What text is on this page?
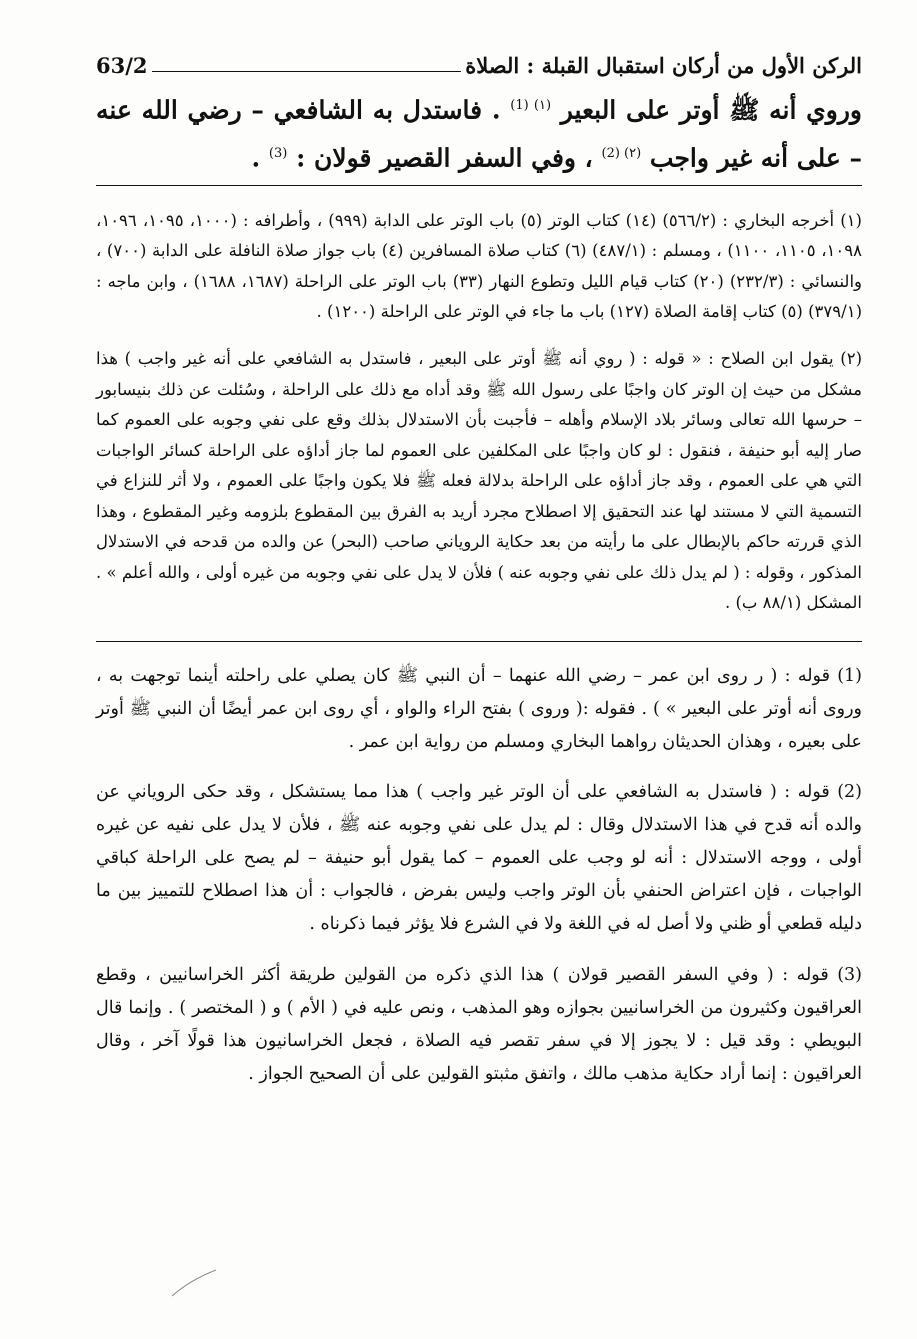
الركن الأول من أركان استقبال القبلة : الصلاة
63/2
وروي أنه ﷺ أوتر على البعير $^{(١) (1)}$ . فاستدل به الشافعي – رضي الله عنه – على أنه غير واجب $^{(٢) (2)}$ ، وفي السفر القصير قولان : $^{(3)}$ .

(١) أخرجه البخاري : (٥٦٦/٢) (١٤) كتاب الوتر (٥) باب الوتر على الدابة (٩٩٩) ، وأطرافه : (١٠٠٠، ١٠٩٥، ١٠٩٦، ١٠٩٨، ١١٠٥، ١١٠٠) ، ومسلم : (٤٨٧/١) (٦) كتاب صلاة المسافرين (٤) باب جواز صلاة النافلة على الدابة (٧٠٠) ، والنسائي : (٢٣٢/٣) (٢٠) كتاب قيام الليل وتطوع النهار (٣٣) باب الوتر على الراحلة (١٦٨٧، ١٦٨٨) ، وابن ماجه : (٣٧٩/١) (٥) كتاب إقامة الصلاة (١٢٧) باب ما جاء في الوتر على الراحلة (١٢٠٠) .

(٢) يقول ابن الصلاح : « قوله : ( روي أنه ﷺ أوتر على البعير ، فاستدل به الشافعي على أنه غير واجب ) هذا مشكل من حيث إن الوتر كان واجبًا على رسول الله ﷺ وقد أداه مع ذلك على الراحلة ، وسُئلت عن ذلك بنيسابور – حرسها الله تعالى وسائر بلاد الإسلام وأهله – فأجبت بأن الاستدلال بذلك وقع على نفي وجوبه على العموم كما صار إليه أبو حنيفة ، فنقول : لو كان واجبًا على المكلفين على العموم لما جاز أداؤه على الراحلة كسائر الواجبات التي هي على العموم ، وقد جاز أداؤه على الراحلة بدلالة فعله ﷺ فلا يكون واجبًا على العموم ، ولا أثر للنزاع في التسمية التي لا مستند لها عند التحقيق إلا اصطلاح مجرد أريد به الفرق بين المقطوع بلزومه وغير المقطوع ، وهذا الذي قررته حاكم بالإبطال على ما رأيته من بعد حكاية الروياني صاحب (البحر) عن والده من قدحه في الاستدلال المذكور ، وقوله : ( لم يدل ذلك على نفي وجوبه عنه ) فلأن لا يدل على نفي وجوبه من غيره أولى ، والله أعلم » . المشكل (٨٨/١ ب) .

(1) قوله : ( ر روى ابن عمر – رضي الله عنهما – أن النبي ﷺ كان يصلي على راحلته أينما توجهت به ، وروى أنه أوتر على البعير » ) . فقوله :( وروى ) بفتح الراء والواو ، أي روى ابن عمر أيضًا أن النبي ﷺ أوتر على بعيره ، وهذان الحديثان رواهما البخاري ومسلم من رواية ابن عمر .

(2) قوله : ( فاستدل به الشافعي على أن الوتر غير واجب ) هذا مما يستشكل ، وقد حكى الروياني عن والده أنه قدح في هذا الاستدلال وقال : لم يدل على نفي وجوبه عنه ﷺ ، فلأن لا يدل على نفيه عن غيره أولى ، ووجه الاستدلال : أنه لو وجب على العموم – كما يقول أبو حنيفة – لم يصح على الراحلة كباقي الواجبات ، فإن اعتراض الحنفي بأن الوتر واجب وليس بفرض ، فالجواب : أن هذا اصطلاح للتمييز بين ما دليله قطعي أو ظني ولا أصل له في اللغة ولا في الشرع فلا يؤثر فيما ذكرناه .

(3) قوله : ( وفي السفر القصير قولان ) هذا الذي ذكره من القولين طريقة أكثر الخراسانيين ، وقطع العراقيون وكثيرون من الخراسانيين بجوازه وهو المذهب ، ونص عليه في ( الأم ) و ( المختصر ) . وإنما قال البويطي : وقد قيل : لا يجوز إلا في سفر تقصر فيه الصلاة ، فجعل الخراسانيون هذا قولًا آخر ، وقال العراقيون : إنما أراد حكاية مذهب مالك ، واتفق مثبتو القولين على أن الصحيح الجواز .
